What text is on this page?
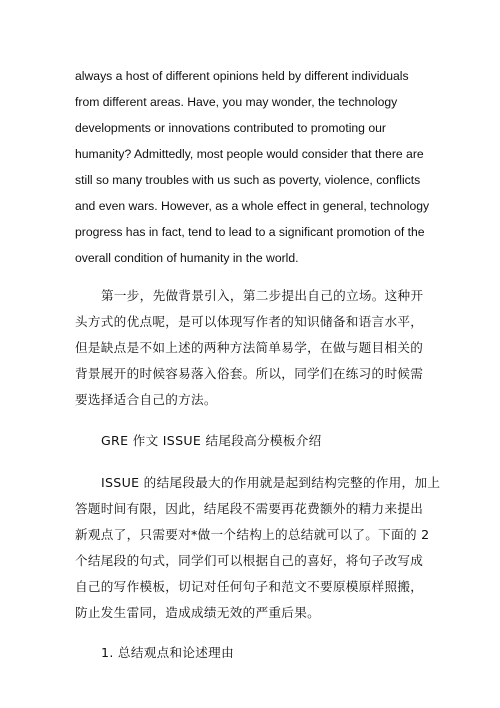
always a host of different opinions held by different individuals
from different areas. Have, you may wonder, the technology
developments or innovations contributed to promoting our
humanity? Admittedly, most people would consider that there are
still so many troubles with us such as poverty, violence, conflicts
and even wars. However, as a whole effect in general, technology
progress has in fact, tend to lead to a significant promotion of the
overall condition of humanity in the world.
第一步，先做背景引入，第二步提出自己的立场。这种开
头方式的优点呢，是可以体现写作者的知识储备和语言水平，
但是缺点是不如上述的两种方法简单易学，在做与题目相关的
背景展开的时候容易落入俗套。所以，同学们在练习的时候需
要选择适合自己的方法。
GRE 作文 ISSUE 结尾段高分模板介绍
ISSUE 的结尾段最大的作用就是起到结构完整的作用，加上
答题时间有限，因此，结尾段不需要再花费额外的精力来提出
新观点了，只需要对*做一个结构上的总结就可以了。下面的 2
个结尾段的句式，同学们可以根据自己的喜好，将句子改写成
自己的写作模板，切记对任何句子和范文不要原模原样照搬，
防止发生雷同，造成成绩无效的严重后果。
1. 总结观点和论述理由
